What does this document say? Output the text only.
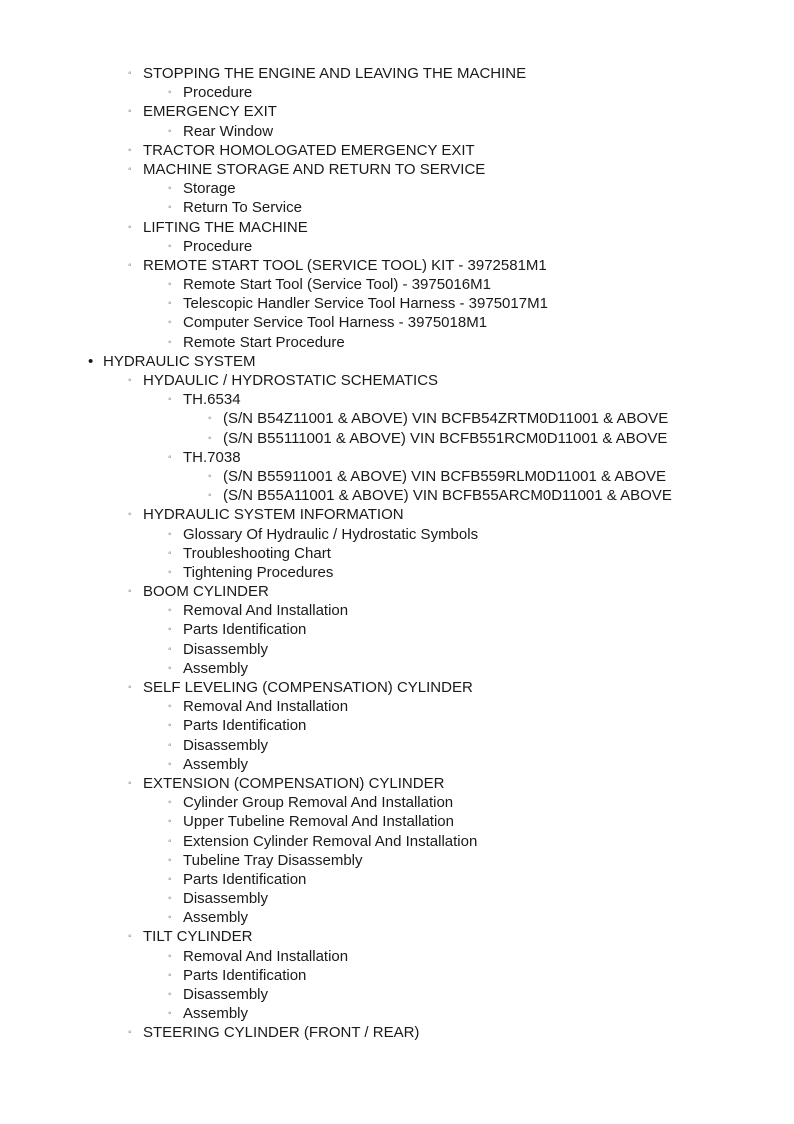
◦ STOPPING THE ENGINE AND LEAVING THE MACHINE
◦ Procedure
◦ EMERGENCY EXIT
◦ Rear Window
◦ TRACTOR HOMOLOGATED EMERGENCY EXIT
◦ MACHINE STORAGE AND RETURN TO SERVICE
◦ Storage
◦ Return To Service
◦ LIFTING THE MACHINE
◦ Procedure
◦ REMOTE START TOOL (SERVICE TOOL) KIT - 3972581M1
◦ Remote Start Tool (Service Tool) - 3975016M1
◦ Telescopic Handler Service Tool Harness - 3975017M1
◦ Computer Service Tool Harness - 3975018M1
◦ Remote Start Procedure
• HYDRAULIC SYSTEM
◦ HYDAULIC / HYDROSTATIC SCHEMATICS
◦ TH.6534
◦ (S/N B54Z11001 & ABOVE) VIN BCFB54ZRTM0D11001 & ABOVE
◦ (S/N B55111001 & ABOVE) VIN BCFB551RCM0D11001 & ABOVE
◦ TH.7038
◦ (S/N B55911001 & ABOVE) VIN BCFB559RLM0D11001 & ABOVE
◦ (S/N B55A11001 & ABOVE) VIN BCFB55ARCM0D11001 & ABOVE
◦ HYDRAULIC SYSTEM INFORMATION
◦ Glossary Of Hydraulic / Hydrostatic Symbols
◦ Troubleshooting Chart
◦ Tightening Procedures
◦ BOOM CYLINDER
◦ Removal And Installation
◦ Parts Identification
◦ Disassembly
◦ Assembly
◦ SELF LEVELING (COMPENSATION) CYLINDER
◦ Removal And Installation
◦ Parts Identification
◦ Disassembly
◦ Assembly
◦ EXTENSION (COMPENSATION) CYLINDER
◦ Cylinder Group Removal And Installation
◦ Upper Tubeline Removal And Installation
◦ Extension Cylinder Removal And Installation
◦ Tubeline Tray Disassembly
◦ Parts Identification
◦ Disassembly
◦ Assembly
◦ TILT CYLINDER
◦ Removal And Installation
◦ Parts Identification
◦ Disassembly
◦ Assembly
◦ STEERING CYLINDER (FRONT / REAR)
